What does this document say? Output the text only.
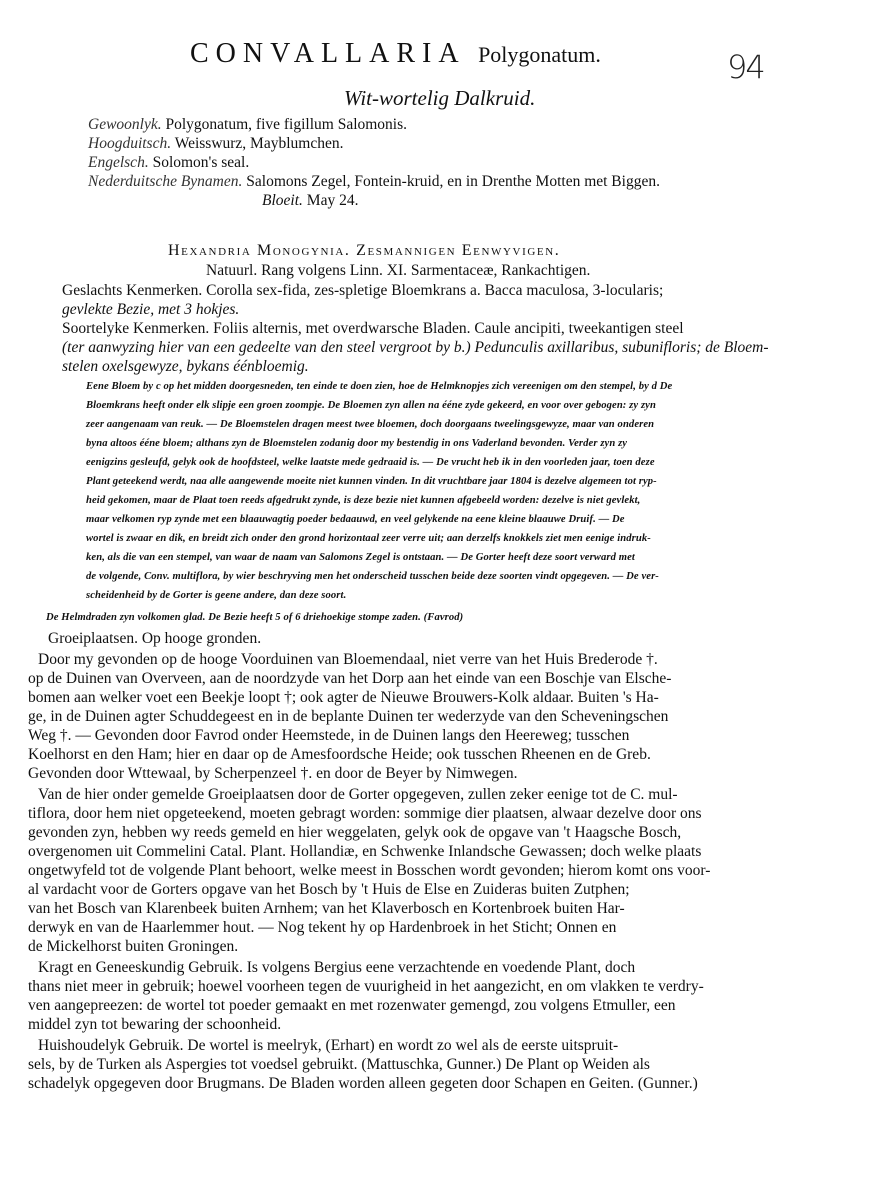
CONVALLARIA Polygonatum.	94
Wit-wortelig Dalkruid.
Gewoonlyk. Polygonatum, five figillum Salomonis.
Hoogduitsch. Weisswurz, Mayblumchen.
Engelsch. Solomon's seal.
Nederduitsche Bynamen. Salomons Zegel, Fontein-kruid, en in Drenthe Motten met Biggen.
Bloeit. May 24.
Hexandria Monogynia. Zesmannigen Eenwyvigen.
Natuurl. Rang volgens Linn. XI. Sarmentaceæ, Rankachtigen.
Geslachts Kenmerken. Corolla sex-fida, zes-spletige Bloemkrans a. Bacca maculosa, 3-locularis;
gevlekte Bezie, met 3 hokjes.
Soortelyke Kenmerken. Foliis alternis, met overdwarsche Bladen. Caule ancipiti, tweekantigen steel
(ter aanwyzing hier van een gedeelte van den steel vergroot by b.) Pedunculis axillaribus, subunifloris; de Bloem-
stelen oxelsgewyze, bykans éénbloemig.
Eene Bloem by c op het midden doorgesneden, ten einde te doen zien, hoe de Helmknopjes zich vereenigen om den stempel, by d De
Bloemkrans heeft onder elk slipje een groen zoompje. De Bloemen zyn allen na ééne zyde gekeerd, en voor over gebogen: zy zyn
zeer aangenaam van reuk. — De Bloemstelen dragen meest twee bloemen, doch doorgaans tweelingsgewyze, maar van onderen
byna altoos ééne bloem; althans zyn de Bloemstelen zodanig door my bestendig in ons Vaderland bevonden. Verder zyn zy
eenigzins gesleufd, gelyk ook de hoofdsteel, welke laatste mede gedraaid is. — De vrucht heb ik in den voorleden jaar, toen deze
Plant geteekend werdt, naa alle aangewende moeite niet kunnen vinden. In dit vruchtbare jaar 1804 is dezelve algemeen tot ryp-
heid gekomen, maar de Plaat toen reeds afgedrukt zynde, is deze bezie niet kunnen afgebeeld worden: dezelve is niet gevlekt,
maar velkomen ryp zynde met een blaauwagtig poeder bedaauwd, en veel gelykende na eene kleine blaauwe Druif. — De
wortel is zwaar en dik, en breidt zich onder den grond horizontaal zeer verre uit; aan derzelfs knokkels ziet men eenige indruk-
ken, als die van een stempel, van waar de naam van Salomons Zegel is ontstaan. — De Gorter heeft deze soort verward met
de volgende, Conv. multiflora, by wier beschryving men het onderscheid tusschen beide deze soorten vindt opgegeven. — De ver-
scheidenheid by de Gorter is geene andere, dan deze soort.
De Helmdraden zyn volkomen glad. De Bezie heeft 5 of 6 driehoekige stompe zaden. (Favrod)
Groeiplaatsen. Op hooge gronden.
Door my gevonden op de hooge Voorduinen van Bloemendaal, niet verre van het Huis Brederode †.
op de Duinen van Overveen, aan de noordzyde van het Dorp aan het einde van een Boschje van Elsche-
bomen aan welker voet een Beekje loopt †; ook agter de Nieuwe Brouwers-Kolk aldaar. Buiten 's Ha-
ge, in de Duinen agter Schuddegeest en in de beplante Duinen ter wederzyde van den Scheveningschen
Weg †. — Gevonden door Favrod onder Heemstede, in de Duinen langs den Heereweg; tusschen
Koelhorst en den Ham; hier en daar op de Amesfoordsche Heide; ook tusschen Rheenen en de Greb.
Gevonden door Wttewaal, by Scherpenzeel †. en door de Beyer by Nimwegen.
Van de hier onder gemelde Groeiplaatsen door de Gorter opgegeven, zullen zeker eenige tot de C. mul-
tiflora, door hem niet opgeteekend, moeten gebragt worden: sommige dier plaatsen, alwaar dezelve door ons
gevonden zyn, hebben wy reeds gemeld en hier weggelaten, gelyk ook de opgave van 't Haagsche Bosch,
overgenomen uit Commelini Catal. Plant. Hollandiæ, en Schwenke Inlandsche Gewassen; doch welke plaats
ongetwyfeld tot de volgende Plant behoort, welke meest in Bosschen wordt gevonden; hierom komt ons voor-
al vardacht voor de Gorters opgave van het Bosch by 't Huis de Else en Zuideras buiten Zutphen;
van het Bosch van Klarenbeek buiten Arnhem; van het Klaverbosch en Kortenbroek buiten Har-
derwyk en van de Haarlemmer hout. — Nog tekent hy op Hardenbroek in het Sticht; Onnen en
de Mickelhorst buiten Groningen.
Kragt en Geneeskundig Gebruik. Is volgens Bergius eene verzachtende en voedende Plant, doch
thans niet meer in gebruik; hoewel voorheen tegen de vuurigheid in het aangezicht, en om vlakken te verdry-
ven aangepreezen: de wortel tot poeder gemaakt en met rozenwater gemengd, zou volgens Etmuller, een
middel zyn tot bewaring der schoonheid.
Huishoudelyk Gebruik. De wortel is meelryk, (Erhart) en wordt zo wel als de eerste uitspruit-
sels, by de Turken als Aspergies tot voedsel gebruikt. (Mattuschka, Gunner.) De Plant op Weiden als
schadelyk opgegeven door Brugmans. De Bladen worden alleen gegeten door Schapen en Geiten. (Gunner.)
